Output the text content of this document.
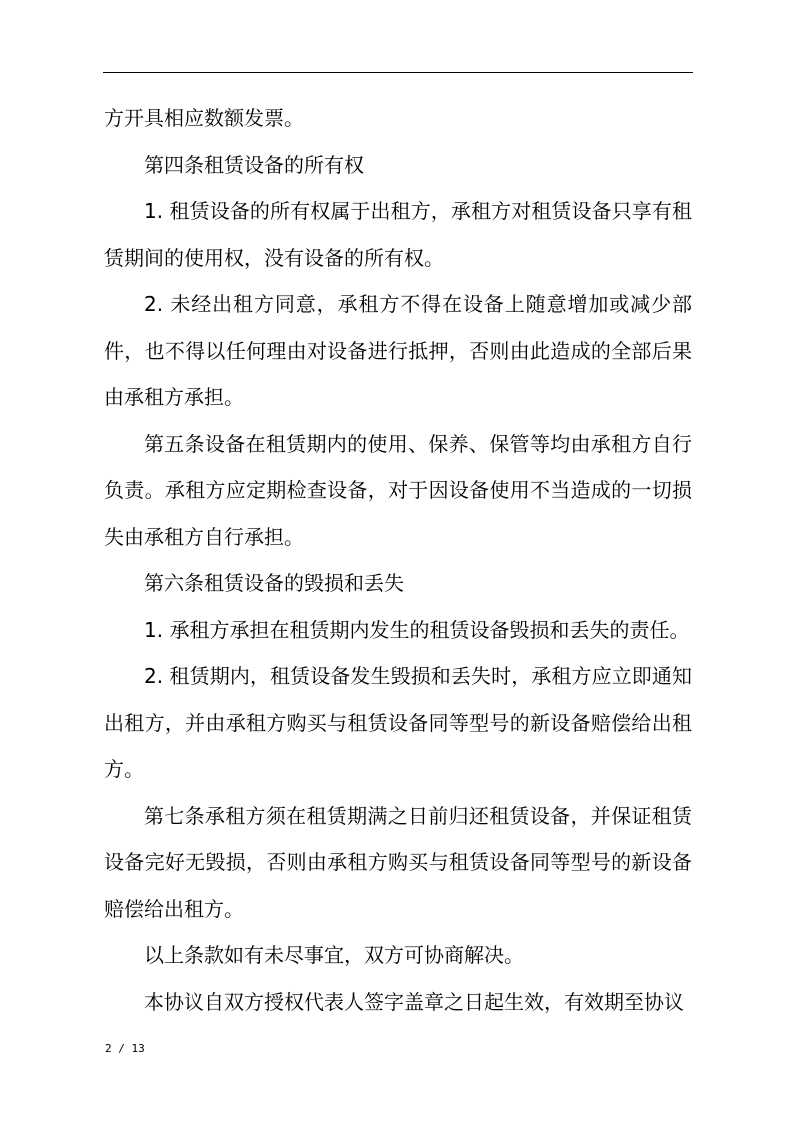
方开具相应数额发票。

第四条租赁设备的所有权

1. 租赁设备的所有权属于出租方，承租方对租赁设备只享有租赁期间的使用权，没有设备的所有权。

2. 未经出租方同意，承租方不得在设备上随意增加或减少部件，也不得以任何理由对设备进行抵押，否则由此造成的全部后果由承租方承担。

第五条设备在租赁期内的使用、保养、保管等均由承租方自行负责。承租方应定期检查设备，对于因设备使用不当造成的一切损失由承租方自行承担。

第六条租赁设备的毁损和丢失

1. 承租方承担在租赁期内发生的租赁设备毁损和丢失的责任。

2. 租赁期内，租赁设备发生毁损和丢失时，承租方应立即通知出租方，并由承租方购买与租赁设备同等型号的新设备赔偿给出租方。

第七条承租方须在租赁期满之日前归还租赁设备，并保证租赁设备完好无毁损，否则由承租方购买与租赁设备同等型号的新设备赔偿给出租方。

以上条款如有未尽事宜，双方可协商解决。

本协议自双方授权代表人签字盖章之日起生效，有效期至协议

2 / 13
